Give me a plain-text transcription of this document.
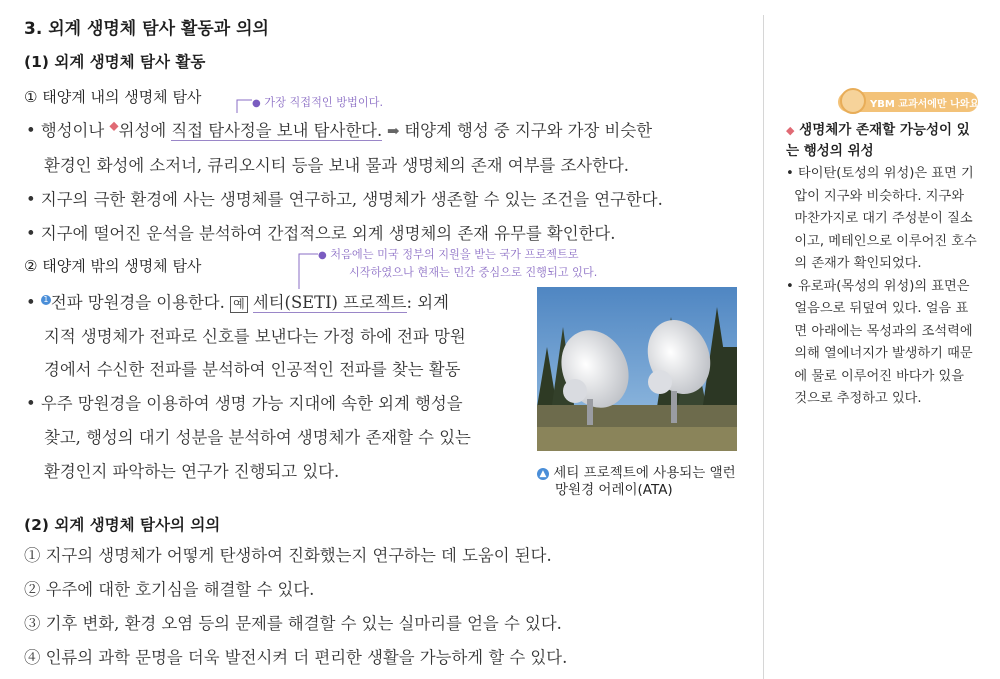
3. 외계 생명체 탐사 활동과 의의
(1) 외계 생명체 탐사 활동
① 태양계 내의 생명체 탐사	● 가장 직접적인 방법이다.
• 행성이나 ◆위성에 직접 탐사정을 보내 탐사한다. ➡ 태양계 행성 중 지구와 가장 비슷한
환경인 화성에 소저너, 큐리오시티 등을 보내 물과 생명체의 존재 여부를 조사한다.
• 지구의 극한 환경에 사는 생명체를 연구하고, 생명체가 생존할 수 있는 조건을 연구한다.
• 지구에 떨어진 운석을 분석하여 간접적으로 외계 생명체의 존재 유무를 확인한다.
② 태양계 밖의 생명체 탐사
● 처음에는 미국 정부의 지원을 받는 국가 프로젝트로
시작하였으나 현재는 민간 중심으로 진행되고 있다.
• 1 전파 망원경을 이용한다. 예 세티(SETI) 프로젝트: 외계
지적 생명체가 전파로 신호를 보낸다는 가정 하에 전파 망원
경에서 수신한 전파를 분석하여 인공적인 전파를 찾는 활동
• 우주 망원경을 이용하여 생명 가능 지대에 속한 외계 행성을
찾고, 행성의 대기 성분을 분석하여 생명체가 존재할 수 있는
환경인지 파악하는 연구가 진행되고 있다.	▲ 세티 프로젝트에 사용되는 앨런
망원경 어레이(ATA)
(2) 외계 생명체 탐사의 의의
① 지구의 생명체가 어떻게 탄생하여 진화했는지 연구하는 데 도움이 된다.
② 우주에 대한 호기심을 해결할 수 있다.
③ 기후 변화, 환경 오염 등의 문제를 해결할 수 있는 실마리를 얻을 수 있다.
④ 인류의 과학 문명을 더욱 발전시켜 더 편리한 생활을 가능하게 할 수 있다.
YBM 교과서에만 나와요.
◆ 생명체가 존재할 가능성이 있
는 행성의 위성
• 타이탄(토성의 위성)은 표면 기
압이 지구와 비슷하다. 지구와
마찬가지로 대기 주성분이 질소
이고, 메테인으로 이루어진 호수
의 존재가 확인되었다.
• 유로파(목성의 위성)의 표면은
얼음으로 뒤덮여 있다. 얼음 표
면 아래에는 목성과의 조석력에
의해 열에너지가 발생하기 때문
에 물로 이루어진 바다가 있을
것으로 추정하고 있다.
